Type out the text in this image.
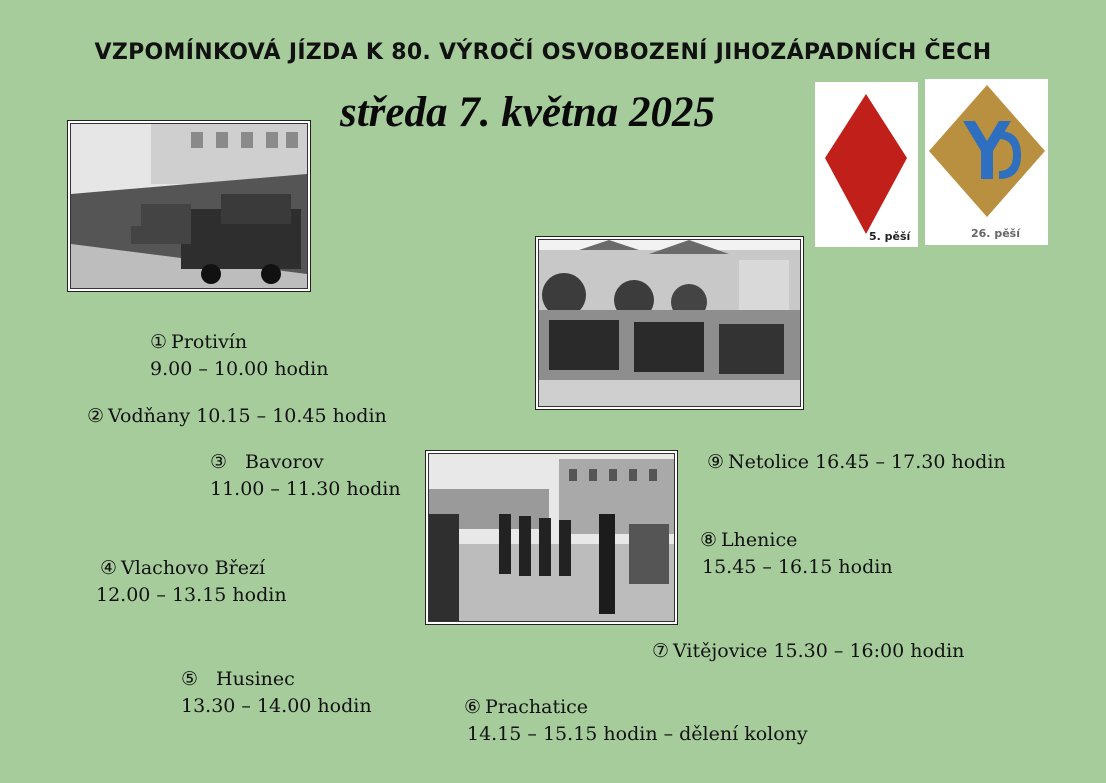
VZPOMÍNKOVÁ JÍZDA K 80. VÝROČÍ OSVOBOZENÍ JIHOZÁPADNÍCH ČECH
středa 7. května 2025
5. pěší	26. pěší
① Protivín
9.00 – 10.00 hodin
② Vodňany 10.15 – 10.45 hodin
③ Bavorov
11.00 – 11.30 hodin
④ Vlachovo Březí
12.00 – 13.15 hodin
⑤ Husinec
13.30 – 14.00 hodin	⑥ Prachatice
14.15 – 15.15 hodin – dělení kolony
⑦ Vitějovice 15.30 – 16:00 hodin
⑧ Lhenice
15.45 – 16.15 hodin
⑨ Netolice 16.45 – 17.30 hodin
